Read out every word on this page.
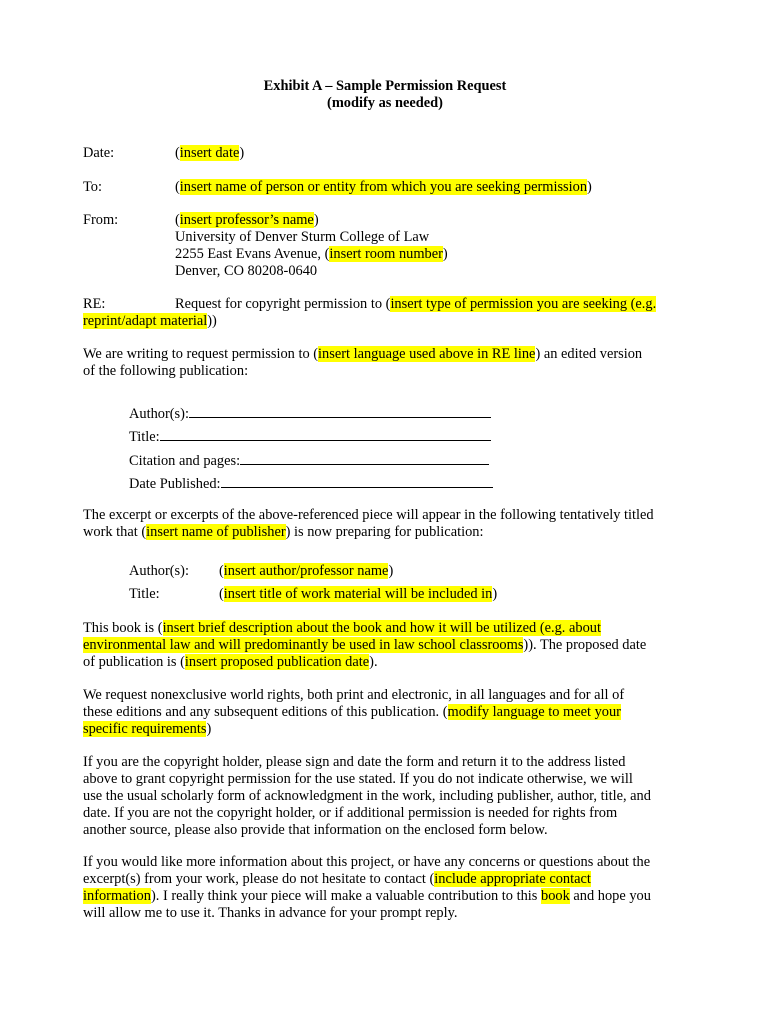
Exhibit A – Sample Permission Request
(modify as needed)
Date:	(insert date)
To:	(insert name of person or entity from which you are seeking permission)
From:	(insert professor’s name)
University of Denver Sturm College of Law
2255 East Evans Avenue, (insert room number)
Denver, CO 80208-0640
RE:	Request for copyright permission to (insert type of permission you are seeking (e.g.
reprint/adapt material))
We are writing to request permission to (insert language used above in RE line) an edited version
of the following publication:
Author(s):
Title:
Citation and pages:
Date Published:
The excerpt or excerpts of the above-referenced piece will appear in the following tentatively titled
work that (insert name of publisher) is now preparing for publication:
Author(s): (insert author/professor name)
Title:	(insert title of work material will be included in)
This book is (insert brief description about the book and how it will be utilized (e.g. about
environmental law and will predominantly be used in law school classrooms)). The proposed date
of publication is (insert proposed publication date).
We request nonexclusive world rights, both print and electronic, in all languages and for all of
these editions and any subsequent editions of this publication. (modify language to meet your
specific requirements)
If you are the copyright holder, please sign and date the form and return it to the address listed
above to grant copyright permission for the use stated. If you do not indicate otherwise, we will
use the usual scholarly form of acknowledgment in the work, including publisher, author, title, and
date. If you are not the copyright holder, or if additional permission is needed for rights from
another source, please also provide that information on the enclosed form below.
If you would like more information about this project, or have any concerns or questions about the
excerpt(s) from your work, please do not hesitate to contact (include appropriate contact
information). I really think your piece will make a valuable contribution to this book and hope you
will allow me to use it. Thanks in advance for your prompt reply.
